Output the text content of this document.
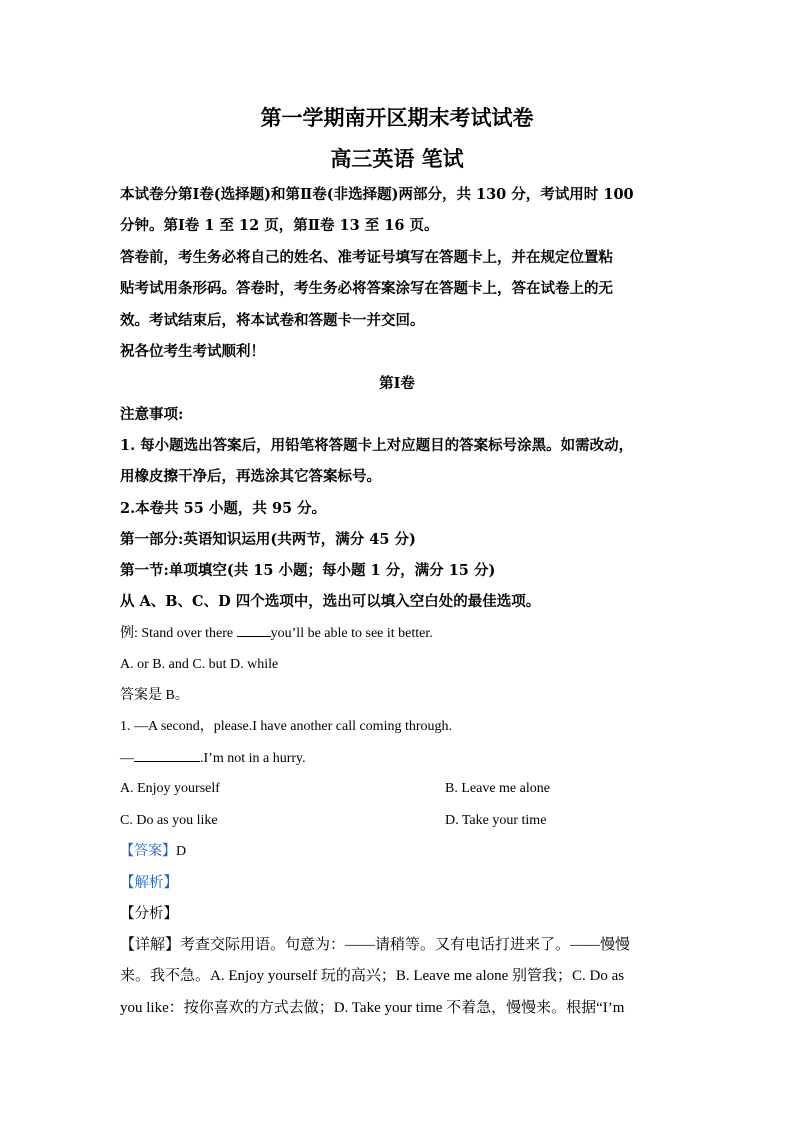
第一学期南开区期末考试试卷
高三英语 笔试
本试卷分第Ⅰ卷(选择题)和第Ⅱ卷(非选择题)两部分，共 130 分，考试用时 100
分钟。第Ⅰ卷 1 至 12 页，第Ⅱ卷 13 至 16 页。
答卷前，考生务必将自己的姓名、准考证号填写在答题卡上，并在规定位置粘
贴考试用条形码。答卷时，考生务必将答案涂写在答题卡上，答在试卷上的无
效。考试结束后，将本试卷和答题卡一并交回。
祝各位考生考试顺利！
第Ⅰ卷
注意事项:
1. 每小题选出答案后，用铅笔将答题卡上对应题目的答案标号涂黑。如需改动，
用橡皮擦干净后，再选涂其它答案标号。
2.本卷共 55 小题，共 95 分。
第一部分:英语知识运用(共两节，满分 45 分)
第一节:单项填空(共 15 小题；每小题 1 分，满分 15 分)
从 A、B、C、D 四个选项中，选出可以填入空白处的最佳选项。
例: Stand over there you’ll be able to see it better.
A. or B. and C. but D. while
答案是 B。
1. —A second，please.I have another call coming through.
—	.I’m not in a hurry.
A. Enjoy yourself	B. Leave me alone
C. Do as you like	D. Take your time
【答案】D
【解析】
【分析】
【详解】考查交际用语。句意为：——请稍等。又有电话打进来了。——慢慢
来。我不急。A. Enjoy yourself 玩的高兴；B. Leave me alone 别管我；C. Do as
you like：按你喜欢的方式去做；D. Take your time 不着急，慢慢来。根据“I’m
